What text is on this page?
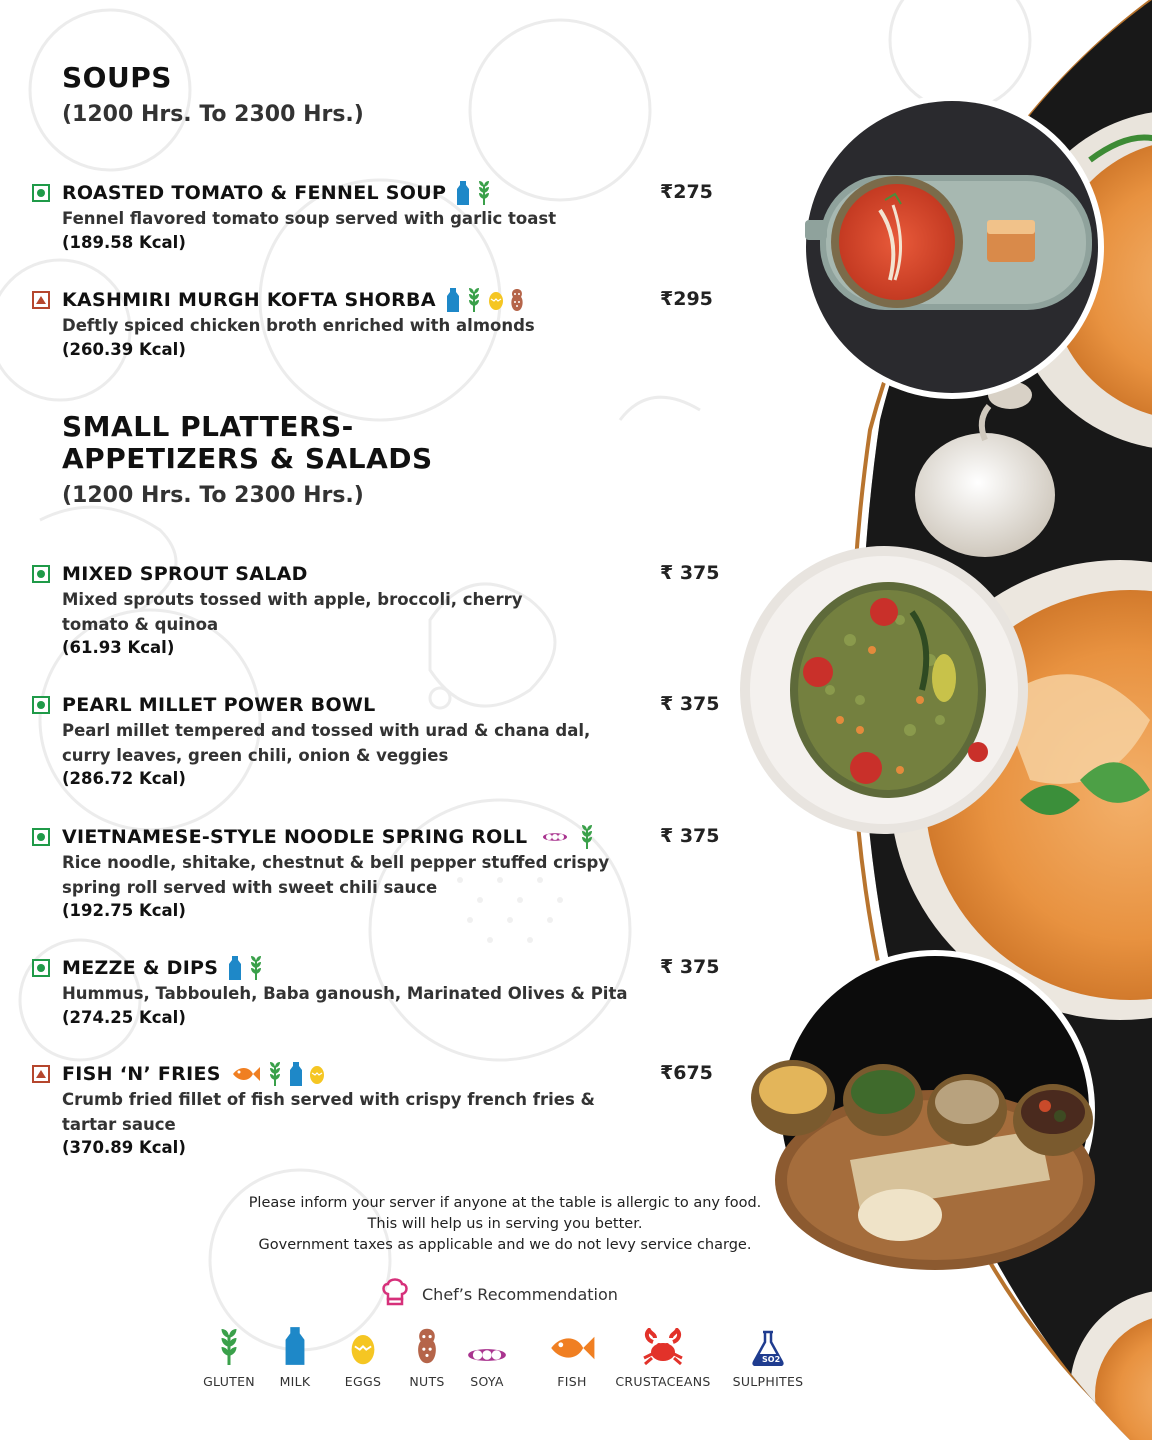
SOUPS
(1200 Hrs. To 2300 Hrs.)
SMALL PLATTERS-
APPETIZERS & SALADS
(1200 Hrs. To 2300 Hrs.)
ROASTED TOMATO & FENNEL SOUP	₹275
Fennel flavored tomato soup served with garlic toast
(189.58 Kcal)
KASHMIRI MURGH KOFTA SHORBA	₹295
Deftly spiced chicken broth enriched with almonds
(260.39 Kcal)
MIXED SPROUT SALAD	₹ 375
Mixed sprouts tossed with apple, broccoli, cherry
tomato & quinoa
(61.93 Kcal)
PEARL MILLET POWER BOWL	₹ 375
Pearl millet tempered and tossed with urad & chana dal,
curry leaves, green chili, onion & veggies
(286.72 Kcal)
VIETNAMESE-STYLE NOODLE SPRING ROLL	₹ 375
Rice noodle, shitake, chestnut & bell pepper stuffed crispy
spring roll served with sweet chili sauce
(192.75 Kcal)
MEZZE & DIPS	₹ 375
Hummus, Tabbouleh, Baba ganoush, Marinated Olives & Pita
(274.25 Kcal)
FISH ‘N’ FRIES	₹675
Crumb fried fillet of fish served with crispy french fries &
tartar sauce
(370.89 Kcal)
Please inform your server if anyone at the table is allergic to any food.
This will help us in serving you better.
Government taxes as applicable and we do not levy service charge.
Chef’s Recommendation
GLUTEN	MILK	EGGS	NUTS	SOYA	FISH	CRUSTACEANS
SO2
SULPHITES
